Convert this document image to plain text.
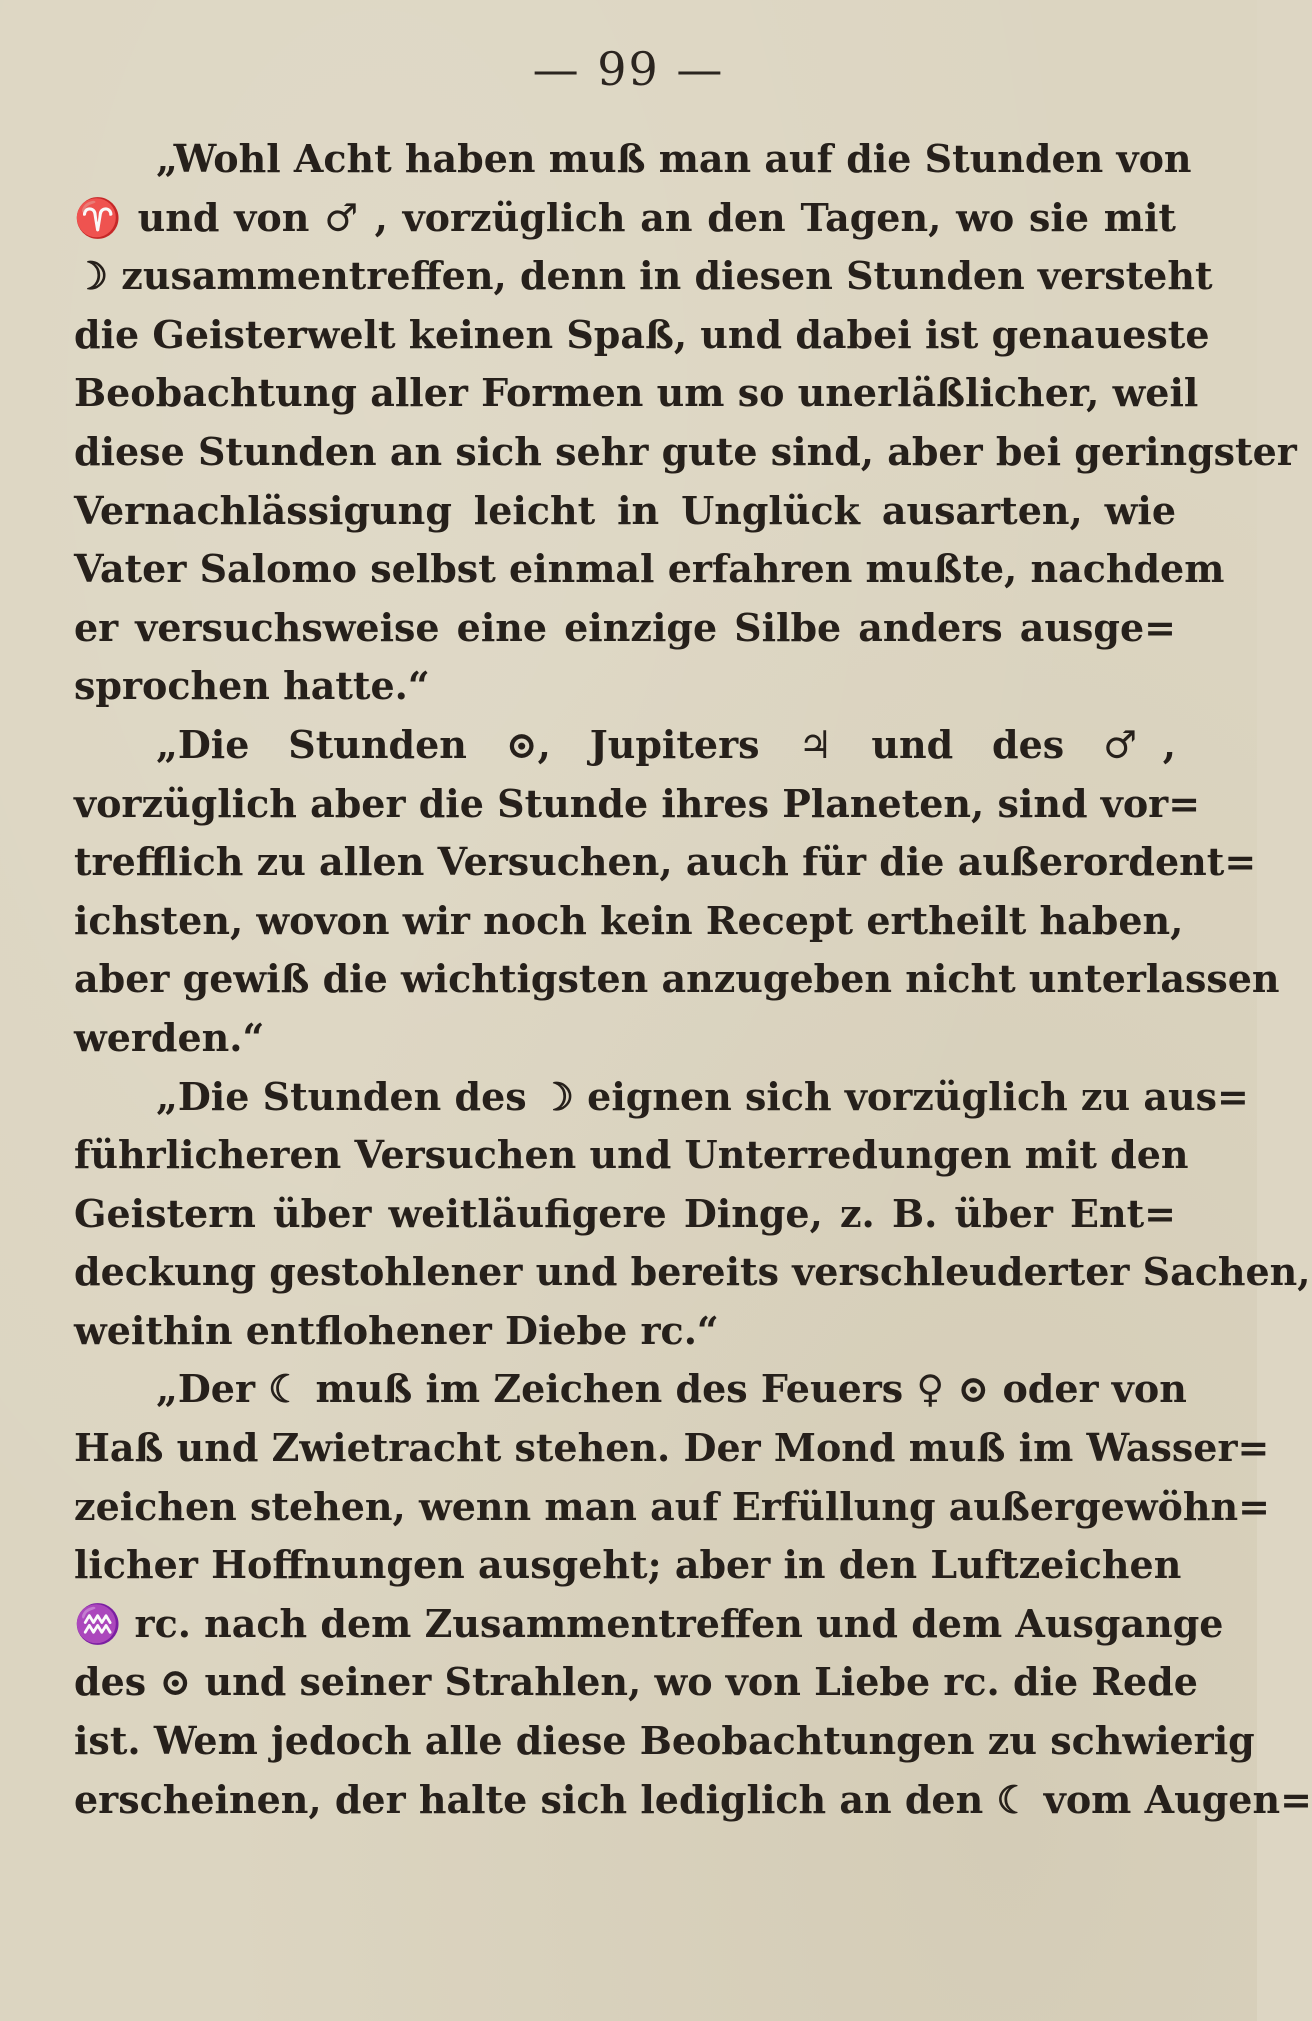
— 99 —
„Wohl Acht haben muß man auf die Stunden von
♈ und von ♂ , vorzüglich an den Tagen, wo sie mit
☽ zusammentreffen, denn in diesen Stunden versteht
die Geisterwelt keinen Spaß, und dabei ist genaueste
Beobachtung aller Formen um so unerläßlicher, weil
diese Stunden an sich sehr gute sind, aber bei geringster
Vernachlässigung leicht in Unglück ausarten, wie
Vater Salomo selbst einmal erfahren mußte, nachdem
er versuchsweise eine einzige Silbe anders ausge=
sprochen hatte.“
„Die Stunden ⊙, Jupiters ♃ und des ♂,
vorzüglich aber die Stunde ihres Planeten, sind vor=
trefflich zu allen Versuchen, auch für die außerordent=
ichsten, wovon wir noch kein Recept ertheilt haben,
aber gewiß die wichtigsten anzugeben nicht unterlassen
werden.“
„Die Stunden des ☽ eignen sich vorzüglich zu aus=
führlicheren Versuchen und Unterredungen mit den
Geistern über weitläufigere Dinge, z. B. über Ent=
deckung gestohlener und bereits verschleuderter Sachen,
weithin entflohener Diebe rc.“
„Der ☾ muß im Zeichen des Feuers ♀ ⊙ oder von
Haß und Zwietracht stehen. Der Mond muß im Wasser=
zeichen stehen, wenn man auf Erfüllung außergewöhn=
licher Hoffnungen ausgeht; aber in den Luftzeichen
♒ rc. nach dem Zusammentreffen und dem Ausgange
des ⊙ und seiner Strahlen, wo von Liebe rc. die Rede
ist. Wem jedoch alle diese Beobachtungen zu schwierig
erscheinen, der halte sich lediglich an den ☾ vom Augen=
